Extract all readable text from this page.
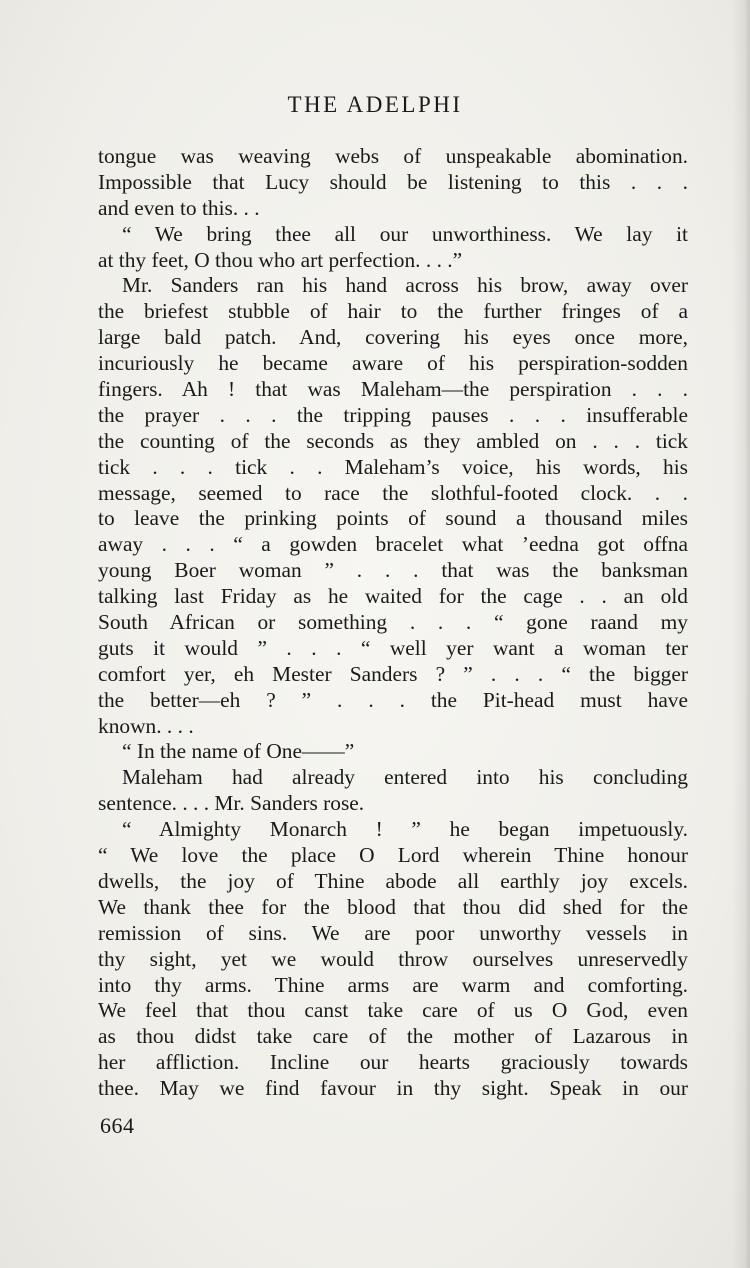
THE ADELPHI
tongue was weaving webs of unspeakable abomination.
Impossible that Lucy should be listening to this . . .
and even to this. . .
“ We bring thee all our unworthiness. We lay it
at thy feet, O thou who art perfection. . . .”
Mr. Sanders ran his hand across his brow, away over
the briefest stubble of hair to the further fringes of a
large bald patch. And, covering his eyes once more,
incuriously he became aware of his perspiration-sodden
fingers. Ah ! that was Maleham—the perspiration . . .
the prayer . . . the tripping pauses . . . insufferable
the counting of the seconds as they ambled on . . . tick
tick . . . tick . . Maleham’s voice, his words, his
message, seemed to race the slothful-footed clock. . .
to leave the prinking points of sound a thousand miles
away . . . “ a gowden bracelet what ’eedna got offna
young Boer woman ” . . . that was the banksman
talking last Friday as he waited for the cage . . an old
South African or something . . . “ gone raand my
guts it would ” . . . “ well yer want a woman ter
comfort yer, eh Mester Sanders ? ” . . . “ the bigger
the better—eh ? ” . . . the Pit-head must have
known. . . .
“ In the name of One——”
Maleham had already entered into his concluding
sentence. . . . Mr. Sanders rose.
“ Almighty Monarch ! ” he began impetuously.
“ We love the place O Lord wherein Thine honour
dwells, the joy of Thine abode all earthly joy excels.
We thank thee for the blood that thou did shed for the
remission of sins. We are poor unworthy vessels in
thy sight, yet we would throw ourselves unreservedly
into thy arms. Thine arms are warm and comforting.
We feel that thou canst take care of us O God, even
as thou didst take care of the mother of Lazarous in
her affliction. Incline our hearts graciously towards
thee. May we find favour in thy sight. Speak in our
664
